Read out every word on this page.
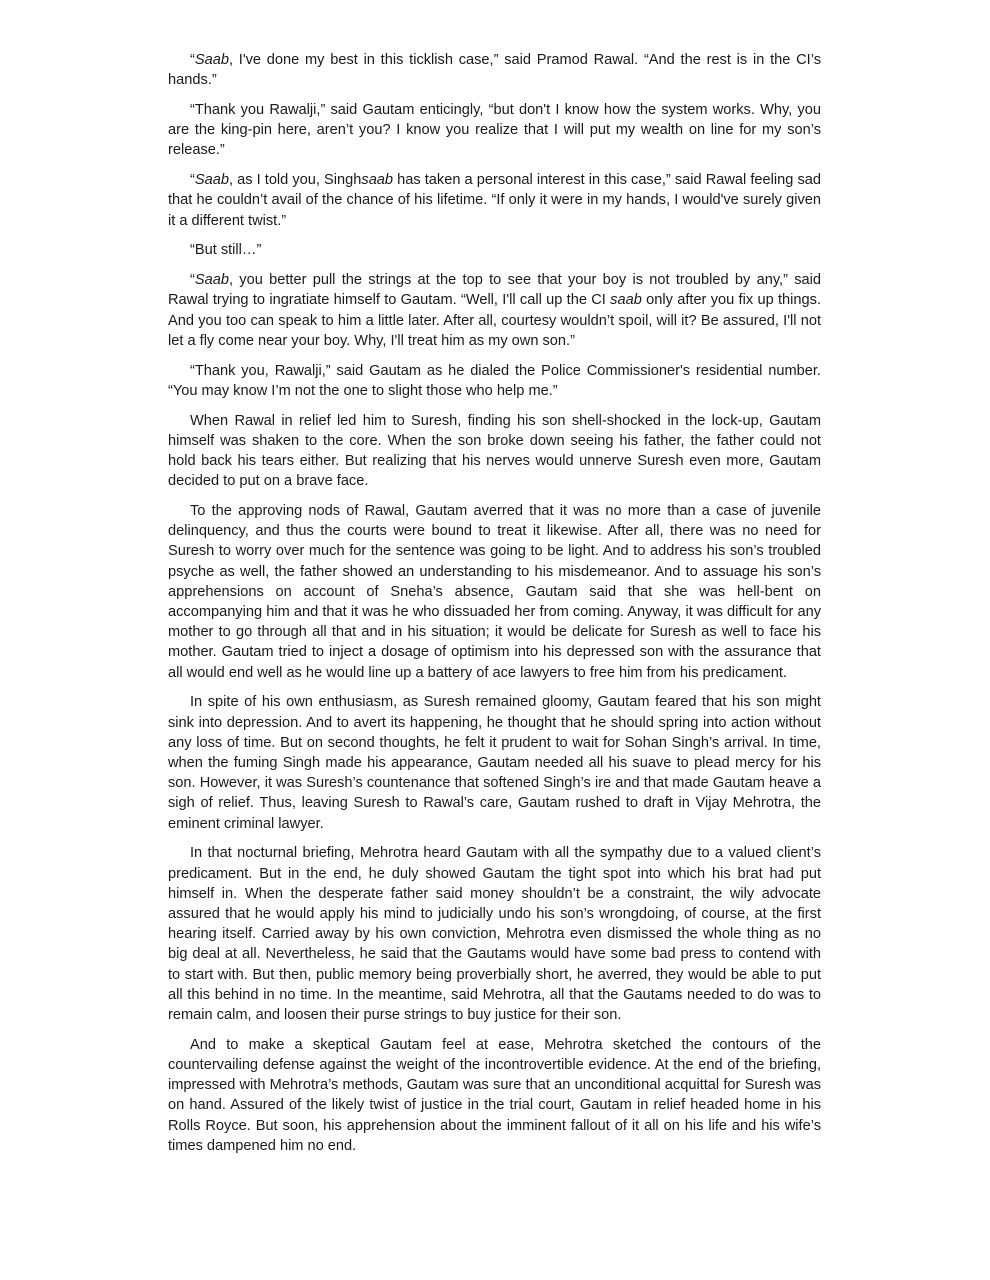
“Saab, I've done my best in this ticklish case,” said Pramod Rawal. “And the rest is in the CI’s hands.”

“Thank you Rawalji,” said Gautam enticingly, “but don't I know how the system works. Why, you are the king-pin here, aren’t you? I know you realize that I will put my wealth on line for my son’s release.”

“Saab, as I told you, Singhsaab has taken a personal interest in this case,” said Rawal feeling sad that he couldn’t avail of the chance of his lifetime. “If only it were in my hands, I would've surely given it a different twist.”

“But still…”

“Saab, you better pull the strings at the top to see that your boy is not troubled by any,” said Rawal trying to ingratiate himself to Gautam. “Well, I'll call up the CI saab only after you fix up things. And you too can speak to him a little later. After all, courtesy wouldn’t spoil, will it? Be assured, I'll not let a fly come near your boy. Why, I'll treat him as my own son.”

“Thank you, Rawalji,” said Gautam as he dialed the Police Commissioner's residential number. “You may know I’m not the one to slight those who help me.”

When Rawal in relief led him to Suresh, finding his son shell-shocked in the lock-up, Gautam himself was shaken to the core. When the son broke down seeing his father, the father could not hold back his tears either. But realizing that his nerves would unnerve Suresh even more, Gautam decided to put on a brave face.

To the approving nods of Rawal, Gautam averred that it was no more than a case of juvenile delinquency, and thus the courts were bound to treat it likewise. After all, there was no need for Suresh to worry over much for the sentence was going to be light. And to address his son’s troubled psyche as well, the father showed an understanding to his misdemeanor. And to assuage his son’s apprehensions on account of Sneha’s absence, Gautam said that she was hell-bent on accompanying him and that it was he who dissuaded her from coming. Anyway, it was difficult for any mother to go through all that and in his situation; it would be delicate for Suresh as well to face his mother. Gautam tried to inject a dosage of optimism into his depressed son with the assurance that all would end well as he would line up a battery of ace lawyers to free him from his predicament.

In spite of his own enthusiasm, as Suresh remained gloomy, Gautam feared that his son might sink into depression. And to avert its happening, he thought that he should spring into action without any loss of time. But on second thoughts, he felt it prudent to wait for Sohan Singh’s arrival. In time, when the fuming Singh made his appearance, Gautam needed all his suave to plead mercy for his son. However, it was Suresh’s countenance that softened Singh’s ire and that made Gautam heave a sigh of relief. Thus, leaving Suresh to Rawal’s care, Gautam rushed to draft in Vijay Mehrotra, the eminent criminal lawyer.

In that nocturnal briefing, Mehrotra heard Gautam with all the sympathy due to a valued client’s predicament. But in the end, he duly showed Gautam the tight spot into which his brat had put himself in. When the desperate father said money shouldn’t be a constraint, the wily advocate assured that he would apply his mind to judicially undo his son’s wrongdoing, of course, at the first hearing itself. Carried away by his own conviction, Mehrotra even dismissed the whole thing as no big deal at all. Nevertheless, he said that the Gautams would have some bad press to contend with to start with. But then, public memory being proverbially short, he averred, they would be able to put all this behind in no time. In the meantime, said Mehrotra, all that the Gautams needed to do was to remain calm, and loosen their purse strings to buy justice for their son.

And to make a skeptical Gautam feel at ease, Mehrotra sketched the contours of the countervailing defense against the weight of the incontrovertible evidence. At the end of the briefing, impressed with Mehrotra’s methods, Gautam was sure that an unconditional acquittal for Suresh was on hand. Assured of the likely twist of justice in the trial court, Gautam in relief headed home in his Rolls Royce. But soon, his apprehension about the imminent fallout of it all on his life and his wife’s times dampened him no end.
